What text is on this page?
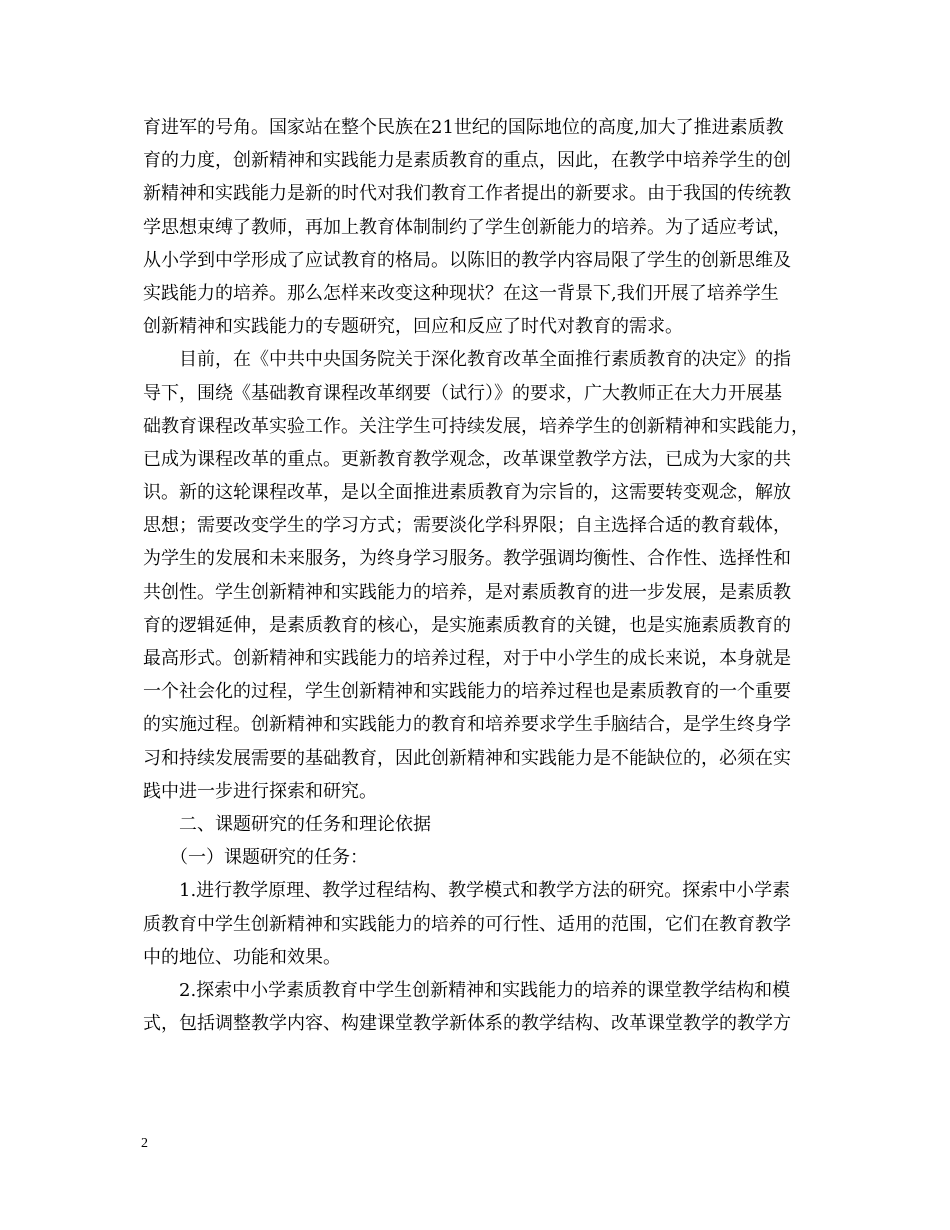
育进军的号角。国家站在整个民族在21世纪的国际地位的高度,加大了推进素质教
育的力度，创新精神和实践能力是素质教育的重点，因此，在教学中培养学生的创
新精神和实践能力是新的时代对我们教育工作者提出的新要求。由于我国的传统教
学思想束缚了教师，再加上教育体制制约了学生创新能力的培养。为了适应考试，
从小学到中学形成了应试教育的格局。以陈旧的教学内容局限了学生的创新思维及
实践能力的培养。那么怎样来改变这种现状？在这一背景下,我们开展了培养学生
创新精神和实践能力的专题研究，回应和反应了时代对教育的需求。
　　目前，在《中共中央国务院关于深化教育改革全面推行素质教育的决定》的指
导下，围绕《基础教育课程改革纲要（试行）》的要求，广大教师正在大力开展基
础教育课程改革实验工作。关注学生可持续发展，培养学生的创新精神和实践能力，
已成为课程改革的重点。更新教育教学观念，改革课堂教学方法，已成为大家的共
识。新的这轮课程改革，是以全面推进素质教育为宗旨的，这需要转变观念，解放
思想；需要改变学生的学习方式；需要淡化学科界限；自主选择合适的教育载体，
为学生的发展和未来服务，为终身学习服务。教学强调均衡性、合作性、选择性和
共创性。学生创新精神和实践能力的培养，是对素质教育的进一步发展，是素质教
育的逻辑延伸，是素质教育的核心，是实施素质教育的关键，也是实施素质教育的
最高形式。创新精神和实践能力的培养过程，对于中小学生的成长来说，本身就是
一个社会化的过程，学生创新精神和实践能力的培养过程也是素质教育的一个重要
的实施过程。创新精神和实践能力的教育和培养要求学生手脑结合，是学生终身学
习和持续发展需要的基础教育，因此创新精神和实践能力是不能缺位的，必须在实
践中进一步进行探索和研究。
　　二、课题研究的任务和理论依据
　　（一）课题研究的任务：
　　1.进行教学原理、教学过程结构、教学模式和教学方法的研究。探索中小学素
质教育中学生创新精神和实践能力的培养的可行性、适用的范围，它们在教育教学
中的地位、功能和效果。
　　2.探索中小学素质教育中学生创新精神和实践能力的培养的课堂教学结构和模
式，包括调整教学内容、构建课堂教学新体系的教学结构、改革课堂教学的教学方
2
